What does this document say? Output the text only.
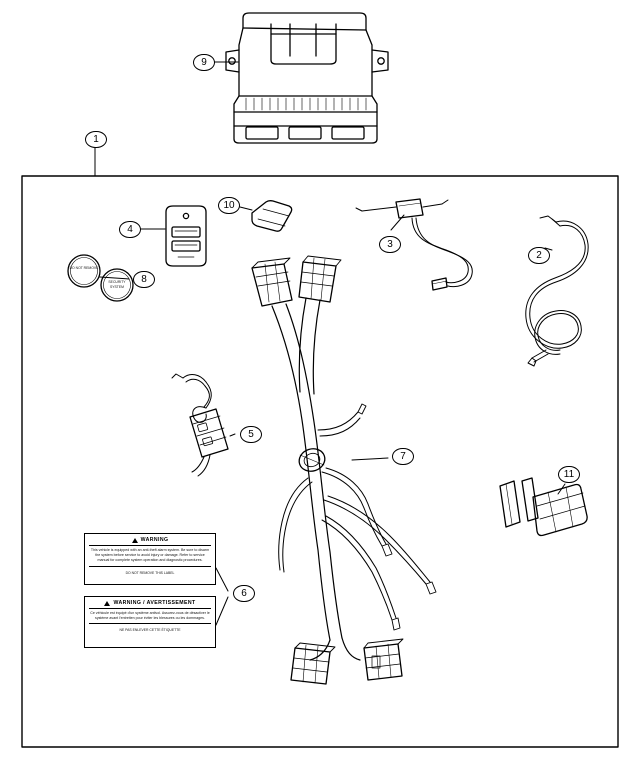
WARNING
This vehicle is equipped with an anti-theft alarm system. Be sure to disarm the system before service to avoid injury or damage. Refer to service manual for complete system operation and diagnostic procedures.
DO NOT REMOVE THIS LABEL
WARNING / AVERTISSEMENT
Ce véhicule est équipé d'un système antivol. Assurez-vous de désactiver le système avant l'entretien pour éviter les blessures ou les dommages.
NE PAS ENLEVER CETTE ÉTIQUETTE
DO NOT REMOVE
SECURITY SYSTEM
1
2
3
4
5
6
7
8
9
10
11
